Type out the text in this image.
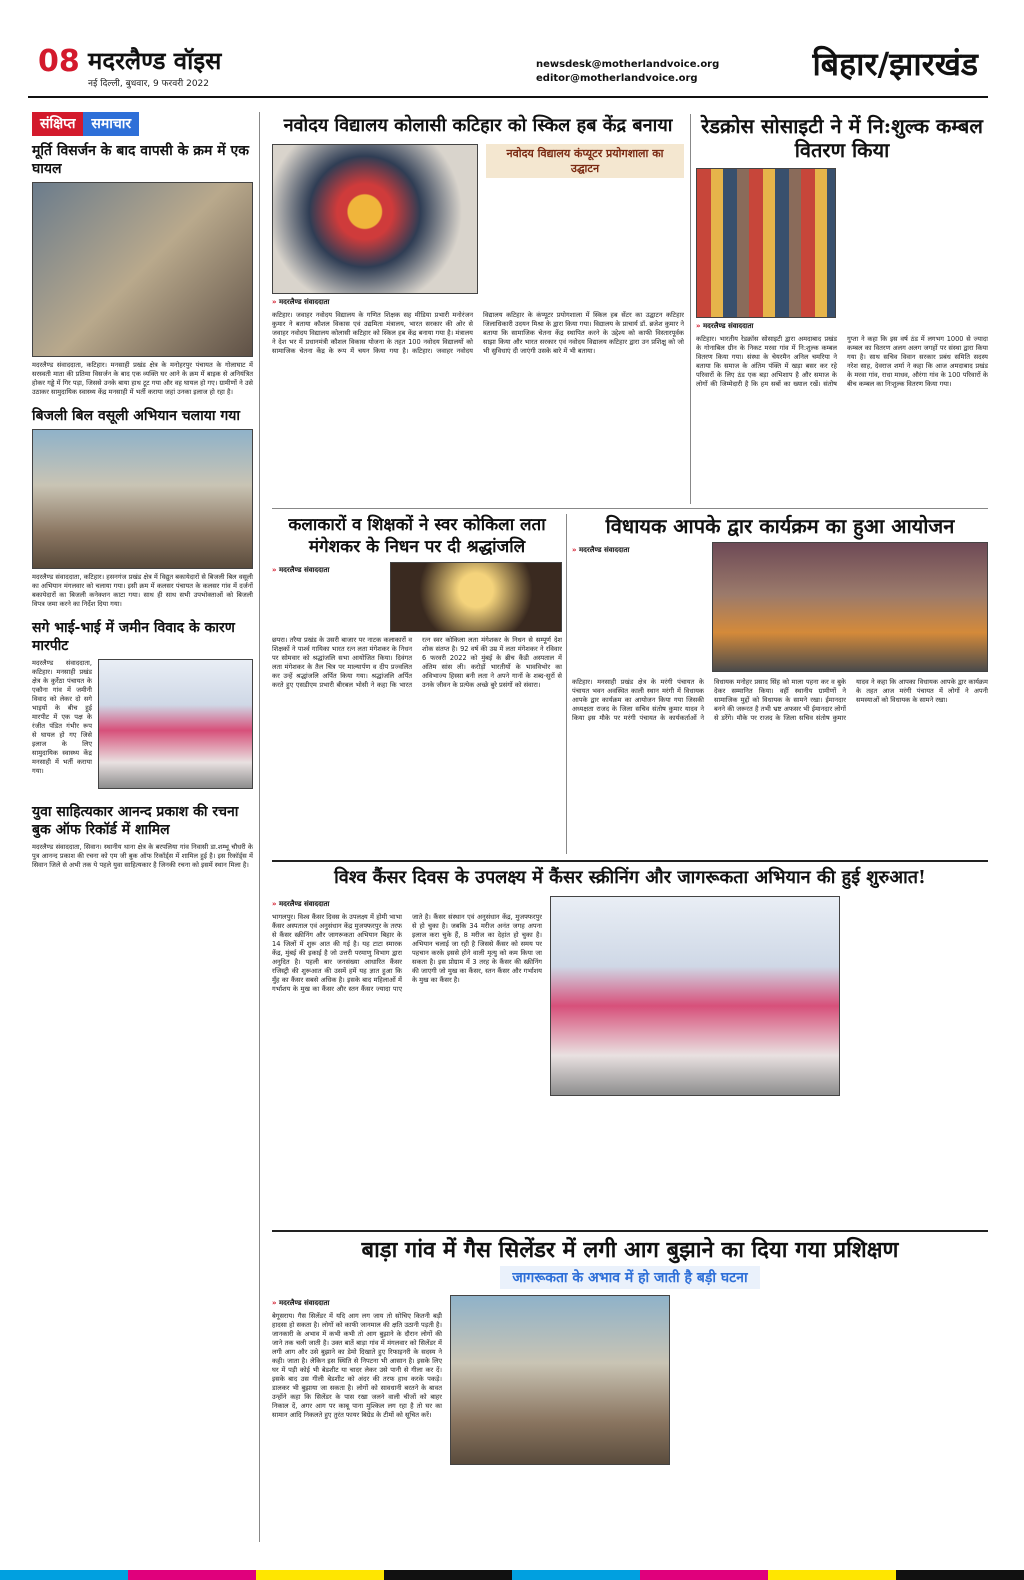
08 मदरलैण्ड वॉइस
नई दिल्ली, बुधवार, 9 फरवरी 2022
newsdesk@motherlandvoice.org
editor@motherlandvoice.org	बिहार/झारखंड
संक्षिप्त	समाचार
मूर्ति विसर्जन के बाद वापसी के क्रम में एक घायल
मदरलैण्ड संवाददाता, कटिहार। मनसाही प्रखंड क्षेत्र के मनोहरपुर पंचायत के गोलाघाट में सरस्वती माता की प्रतिमा विसर्जन के बाद एक व्यक्ति घर आने के क्रम में बाइक से अनियंत्रित होकर गड्ढे में गिर पड़ा, जिससे उनके बाया हाथ टूट गया और वह घायल हो गए। ग्रामीणों ने उसे उठाकर सामुदायिक स्वास्थ्य केंद्र मनसाही में भर्ती कराया जहां उनका इलाज हो रहा है।
बिजली बिल वसूली अभियान चलाया गया
मदरलैण्ड संवाददाता, कटिहार। हसनगंज प्रखंड क्षेत्र में विद्युत बकायेदारों से बिजली बिल वसूली का अभियान मंगलवार को चलाया गया। इसी क्रम में कलसर पंचायत के कलसर गांव में दर्जनों बकायेदारों का बिजली कनेक्शन काटा गया। साथ ही साथ सभी उपभोक्ताओं को बिजली विपत्र जमा करने का निर्देश दिया गया।
सगे भाई-भाई में जमीन विवाद के कारण मारपीट
मदरलैण्ड संवाददाता, कटिहार। मनसाही प्रखंड क्षेत्र के कुर्रेठा पंचायत के एकौना गांव में जमीनी विवाद को लेकर दो सगे भाइयों के बीच हुई मारपीट में एक पक्ष के रंजीत पंडित गंभीर रूप से घायल हो गए जिसे इलाज के लिए सामुदायिक स्वास्थ्य केंद्र मनसाही में भर्ती कराया गया।
युवा साहित्यकार आनन्द प्रकाश की रचना बुक ऑफ रिकॉर्ड में शामिल
मदरलैण्ड संवाददाता, सिवान। स्थानीय थाना क्षेत्र के बरपलिया गांव निवासी डा.शम्भू चौधरी के पुत्र आनन्द प्रकाश की रचना को एम जी बुक ऑफ रिकॉर्ड्स में शामिल हुई है। इस रिकॉर्ड्स में सिवान जिले से अभी तक ये पहले युवा साहित्यकार है जिनकी रचना को इसमें स्थान मिला है।
नवोदय विद्यालय कोलासी कटिहार को स्किल हब केंद्र बनाया
नवोदय विद्यालय कंप्यूटर प्रयोगशाला का उद्घाटन
» मदरलैण्ड संवाददाता
कटिहार। जवाहर नवोदय विद्यालय के गणित शिक्षक सह मीडिया प्रभारी मनोरंजन कुमार ने बताया कौशल विकास एवं उद्यमिता मंत्रालय, भारत सरकार की ओर से जवाहर नवोदय विद्यालय कोलासी कटिहार को स्किल हब केंद्र बनाया गया है। मंत्रालय ने देश भर में प्रधानमंत्री कौशल विकास योजना के तहत 100 नवोदय विद्यालयों को सामाजिक चेतना केंद्र के रूप में चयन किया गया है। कटिहार। जवाहर नवोदय विद्यालय कटिहार के कंप्यूटर प्रयोगशाला में स्किल हब सेंटर का उद्घाटन कटिहार जिलाधिकारी उदयन मिश्रा के द्वारा किया गया। विद्यालय के प्राचार्य डॉ. ब्रजेश कुमार ने बताया कि सामाजिक चेतना केंद्र स्थापित करने के उद्देश्य को काफी विस्तारपूर्वक साझा किया और भारत सरकार एवं नवोदय विद्यालय कटिहार द्वारा उन प्रशिक्षु को जो भी सुविधाएं दी जाएंगी उसके बारे में भी बताया।
रेडक्रोस सोसाइटी ने में नि:शुल्क कम्बल वितरण किया
» मदरलैण्ड संवाददाता
कटिहार। भारतीय रेडक्रॉस सोसाइटी द्वारा अमदाबाद प्रखंड के गोनाबिल ग्रीन के निकट मरवा गांव में नि:शुल्क कम्बल वितरण किया गया। संस्था के चेयरमैन अनिल चमरिया ने बताया कि समाज के अंतिम पंक्ति में खड़ा बसर कर रहे परिवारों के लिए ठंड एक बड़ा अभिशाप है और समाज के लोगों की जिम्मेदारी है कि हम सबों का ख्याल रखें। संतोष गुप्ता ने कहा कि इस वर्ष ठंड में लगभग 1000 से ज्यादा कम्बल का वितरण अलग अलग जगहों पर संस्था द्वारा किया गया है। साथ सचिव विवान सरकार प्रबंध समिति सदस्य नरेश साह, देवराज शर्मा ने कहा कि आज अमदाबाद प्रखंड के मरवा गांव, राधा माधव, औरंगा गांव के 100 परिवारों के बीच कम्बल का निःशुल्क वितरण किया गया।
कलाकारों व शिक्षकों ने स्वर कोकिला लता मंगेशकर के निधन पर दी श्रद्धांजलि
» मदरलैण्ड संवाददाता
छपरा। तरैया प्रखंड के उसरी बाजार पर नाटक कलाकारों व शिक्षकों ने पार्श्व गायिका भारत रत्न लता मंगेशकर के निधन पर सोमवार को श्रद्धांजलि सभा आयोजित किया। दिवंगत लता मंगेशकर के तैल चित्र पर माल्यार्पण व दीप प्रज्वलित कर उन्हें श्रद्धांजलि अर्पित किया गया। श्रद्धांजलि अर्पित करते हुए एसडीएम प्रभारी बीरबल भोसी ने कहा कि भारत रत्न स्वर कोकिला लता मंगेशकर के निधन से सम्पूर्ण देश शोक संतप्त है। 92 वर्ष की उम्र में लता मंगेशकर ने रविवार 6 फरवरी 2022 को मुंबई के ब्रीच कैंडी अस्पताल में अंतिम सांस ली। करोड़ों भारतीयों के भावविभोर का अविभाज्य हिस्सा बनी लता ने अपने गानों के शब्द-सुरों से उनके जीवन के प्रत्येक अच्छे बुरे प्रसंगों को संवारा।
विधायक आपके द्वार कार्यक्रम का हुआ आयोजन
» मदरलैण्ड संवाददाता
कटिहार। मनसाही प्रखंड क्षेत्र के मरंगी पंचायत के पंचायत भवन अवस्थित काली स्थान मरंगी में विधायक आपके द्वार कार्यक्रम का आयोजन किया गया जिसकी अध्यक्षता राजद के जिला सचिव संतोष कुमार यादव ने किया इस मौके पर मरंगी पंचायत के कार्यकर्ताओं ने विधायक मनोहर प्रसाद सिंह को माला पहना कर व बुके देकर सम्मानित किया। वहीं स्थानीय ग्रामीणों ने सामाजिक मुद्दों को विधायक के सामने रखा। ईमानदार बनने की जरूरत है तभी भ्रष्ट अफसर भी ईमानदार लोगों से डरेंगे। मौके पर राजद के जिला सचिव संतोष कुमार यादव ने कहा कि आपका विधायक आपके द्वार कार्यक्रम के तहत आज मरंगी पंचायत में लोगों ने अपनी समस्याओं को विधायक के सामने रखा।
विश्व कैंसर दिवस के उपलक्ष्य में कैंसर स्क्रीनिंग और जागरूकता अभियान की हुई शुरुआत!
» मदरलैण्ड संवाददाता
भागलपुर। विश्व कैंसर दिवस के उपलक्ष्य में होमी भाभा कैंसर अस्पताल एवं अनुसंधान केंद्र मुजफ्फरपुर के तरफ से कैंसर स्क्रीनिंग और जागरूकता अभियान बिहार के 14 जिलों में शुरू आत की गई है। यह टाटा स्मारक केंद्र, मुंबई की इकाई है जो उत्तरी परमाणु विभाग द्वारा अनुदित है। पहली बार जनसंख्या आधारित कैंसर रजिस्ट्री की शुरूआत की उसमें हमें यह ज्ञात हुआ कि मुँह का कैंसर सबसे अधिक है। इसके बाद महिलाओं में गर्भाशय के मुख का कैंसर और स्तन कैंसर ज्यादा पाए जाते है। कैंसर संस्थान एवं अनुसंधान केंद्र, मुजफ्फरपुर से हो चुका है। जबकि 34 मरीज अनंत जगह अपना इलाज करा चुके हैं, 8 मरीज का देहांत हो चुका है। अभियान चलाई जा रही है जिससे कैंसर को समय पर पहचान करके इससे होने वाली मृत्यु को कम किया जा सकता है। इस प्रोग्राम में 3 तरह के कैंसर की स्क्रीनिंग की जाएगी जो मुख का कैंसर, स्तन कैंसर और गर्भाशय के मुख का कैंसर है।
बाड़ा गांव में गैस सिलेंडर में लगी आग बुझाने का दिया गया प्रशिक्षण
जागरूकता के अभाव में हो जाती है बड़ी घटना
» मदरलैण्ड संवाददाता
बेगूसराय। गैस सिलेंडर में यदि आग लग जाय तो सोचिए कितनी बड़ी हादसा हो सकता है। लोगों को काफी जानमाल की क्षति उठानी पड़ती है। जानकारी के अभाव में कभी कभी तो आग बुझाने के दौरान लोगों की जाने तक चली जाती है। उक्त बातें बाड़ा गांव में मंगलवार को सिलेंडर में लगी आग और उसे बुझाने का डेमो दिखाते हुए रिफाइनरी के सदस्य ने कही। जाता है। लेकिन इस स्थिति से निपटना भी आसान है। इसके लिए घर में पड़ी कोई भी बेडशीट या चादर लेकर उसे पानी से गीला कर दें। इसके बाद उस गीली बेडशीट को अंदर की तरफ हाथ करके पकड़े। डालकर भी बुझाया जा सकता है। लोगों को सावधानी बरतने के बावत उन्होंने कहा कि सिलेंडर के पास रखा जलने वाली चीजों को बाहर निकाल दें, अगर आग पर काबू पाना मुश्किल लग रहा है तो घर का सामान आदि निकलते हुए तुरंत फायर बिग्रेड के टीमों को सूचित करें।
